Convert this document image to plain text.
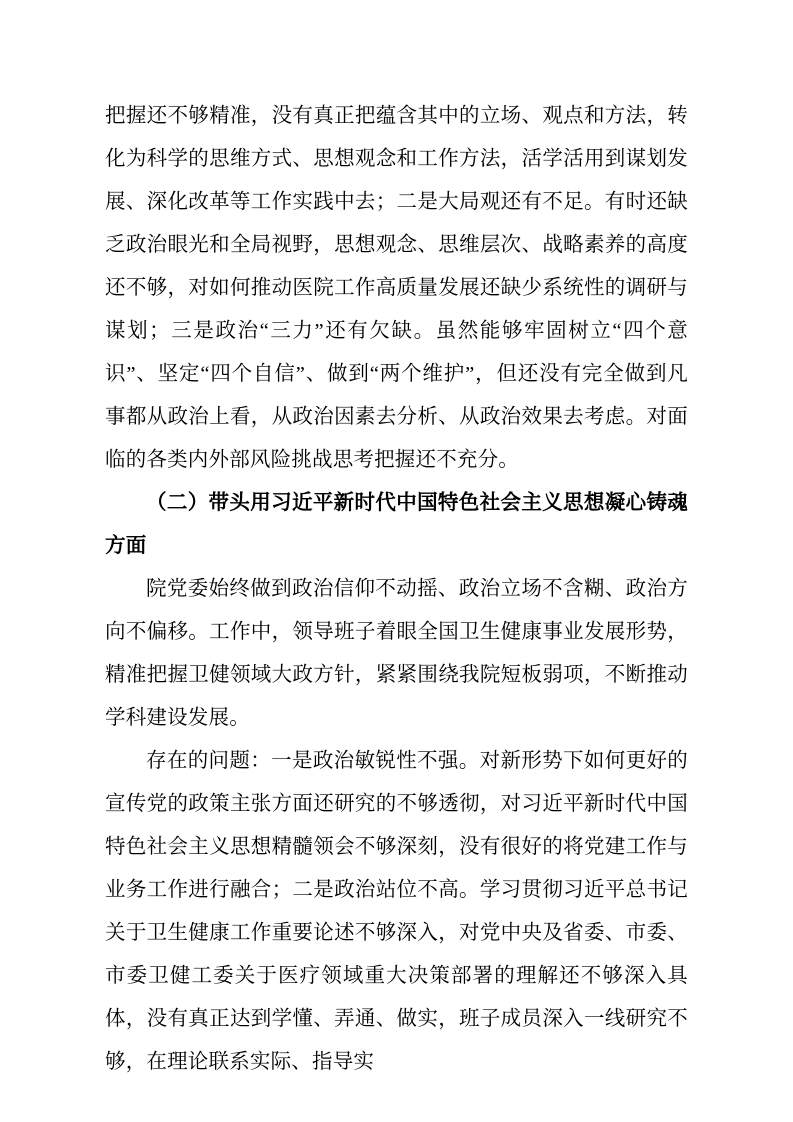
把握还不够精准，没有真正把蕴含其中的立场、观点和方法，转化为科学的思维方式、思想观念和工作方法，活学活用到谋划发展、深化改革等工作实践中去；二是大局观还有不足。有时还缺乏政治眼光和全局视野，思想观念、思维层次、战略素养的高度还不够，对如何推动医院工作高质量发展还缺少系统性的调研与谋划；三是政治“三力”还有欠缺。虽然能够牢固树立“四个意识”、坚定“四个自信”、做到“两个维护”，但还没有完全做到凡事都从政治上看，从政治因素去分析、从政治效果去考虑。对面临的各类内外部风险挑战思考把握还不充分。

（二）带头用习近平新时代中国特色社会主义思想凝心铸魂方面

院党委始终做到政治信仰不动摇、政治立场不含糊、政治方向不偏移。工作中，领导班子着眼全国卫生健康事业发展形势，精准把握卫健领域大政方针，紧紧围绕我院短板弱项，不断推动学科建设发展。

存在的问题：一是政治敏锐性不强。对新形势下如何更好的宣传党的政策主张方面还研究的不够透彻，对习近平新时代中国特色社会主义思想精髓领会不够深刻，没有很好的将党建工作与业务工作进行融合；二是政治站位不高。学习贯彻习近平总书记关于卫生健康工作重要论述不够深入，对党中央及省委、市委、市委卫健工委关于医疗领域重大决策部署的理解还不够深入具体，没有真正达到学懂、弄通、做实，班子成员深入一线研究不够，在理论联系实际、指导实
